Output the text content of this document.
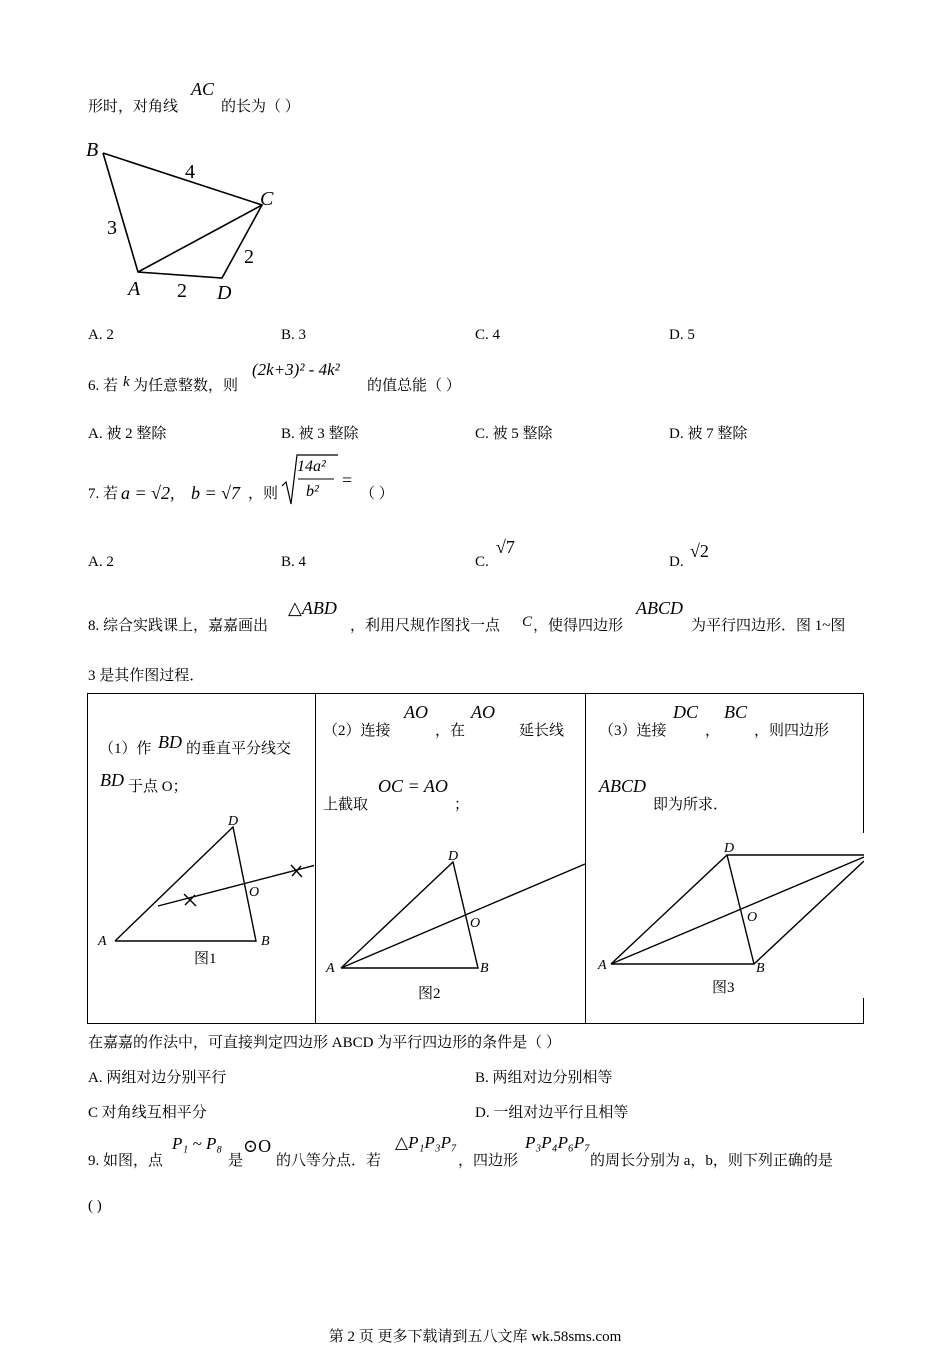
形时，对角线
AC
的长为（ ）
B
C
A	D
4
3
2
2
A. 2	B. 3	C. 4	D. 5
6. 若 k 为任意整数，则
(2k+3)² - 4k²
的值总能（ ）
A. 被 2 整除	B. 被 3 整除	C. 被 5 整除	D. 被 7 整除
7. 若 a = √2, b = √7 ，则
14a²
b²
=
（ ）
A. 2	B. 4	C.
√7
D.
√2
8. 综合实践课上，嘉嘉画出
△ABD
，利用尺规作图找一点 C ，使得四边形
ABCD
为平行四边形．图 1~图
3 是其作图过程．
（1）作 BD 的垂直平分线交
BD 于点 O；
（2）连接
AO
，在
AO
延长线
上截取
OC = AO
；
（3）连接
DC
，
BC
，则四边形
ABCD
即为所求．
A
D
B
O
图1
A
D
B
O
图2
A
D
B
O
图3
在嘉嘉的作法中，可直接判定四边形 ABCD 为平行四边形的条件是（ ）
A. 两组对边分别平行	B. 两组对边分别相等
C 对角线互相平分	D. 一组对边平行且相等
9. 如图，点
P₁ ~ P₈
是
⊙O
的八等分点．若
△P₁P₃P₇
，四边形
P₃P₄P₆P₇
的周长分别为 a，b，则下列正确的是
( )
第 2 页 更多下载请到五八文库 wk.58sms.com
